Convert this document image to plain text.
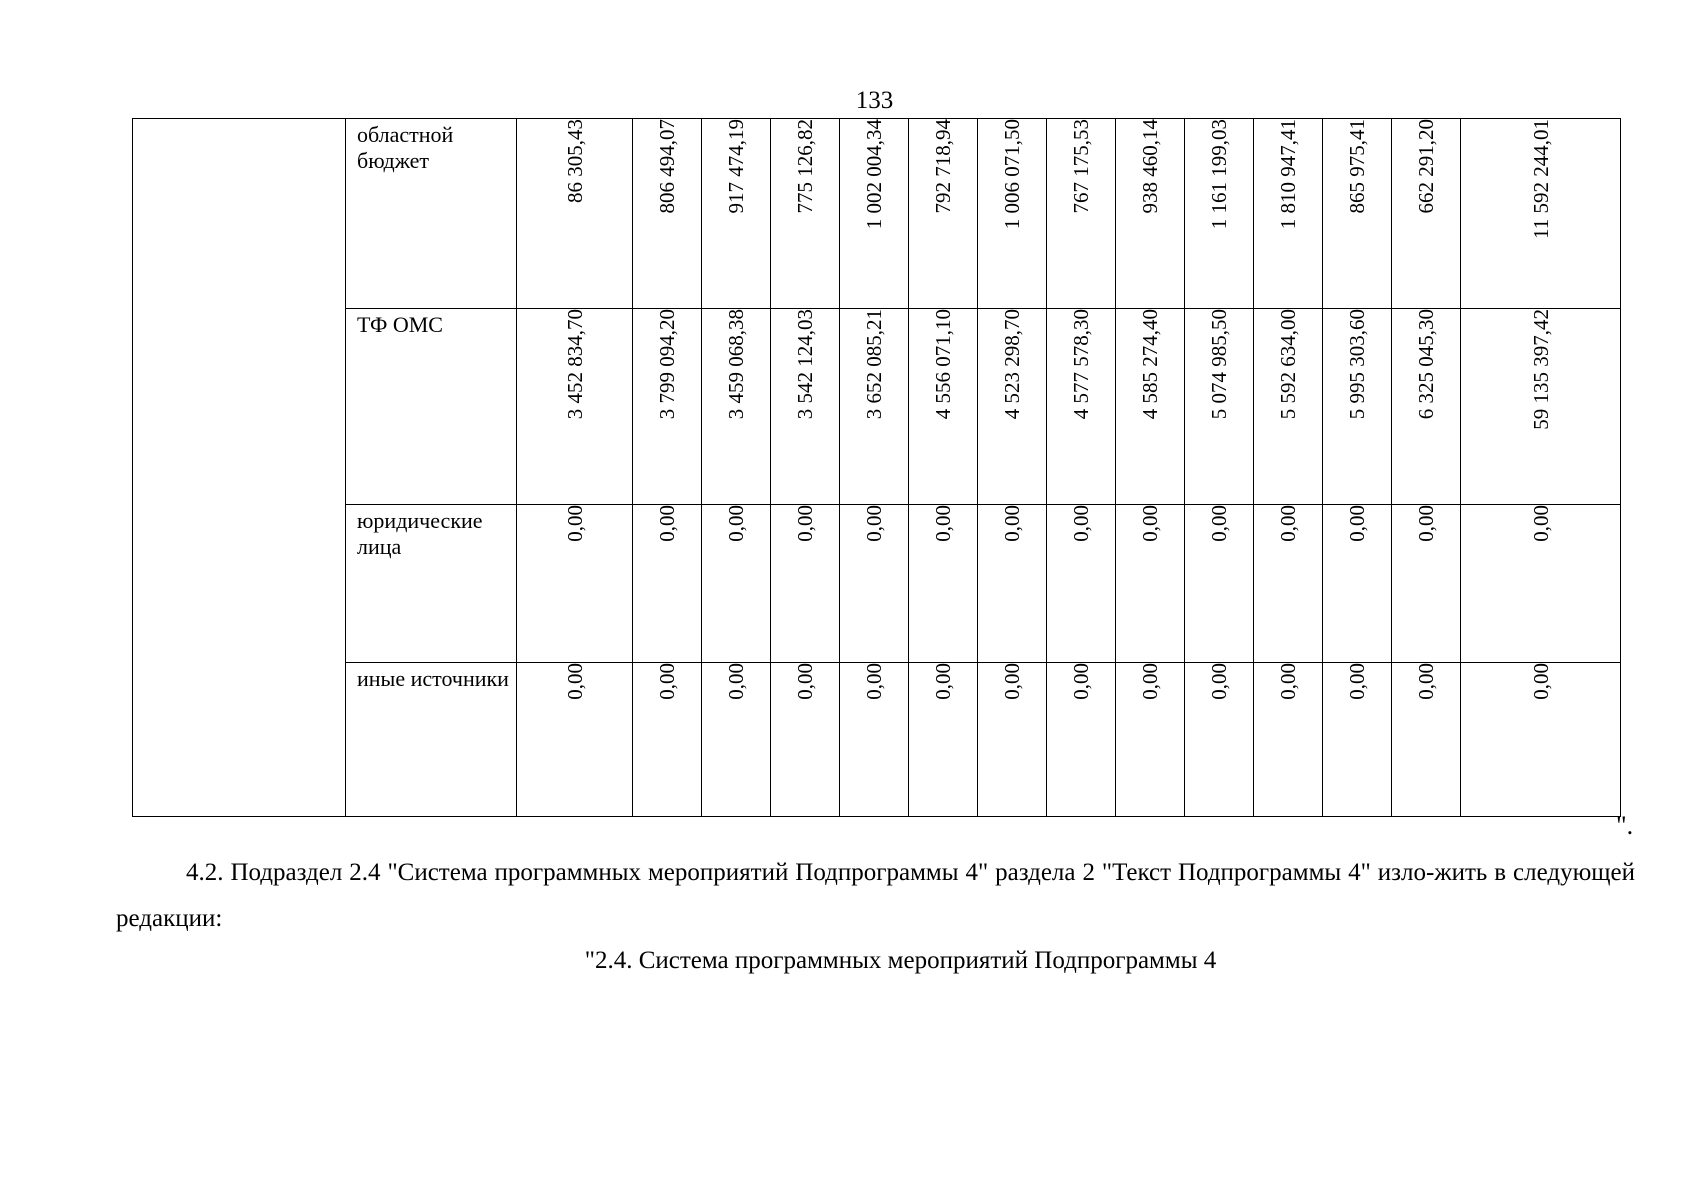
133

	областной бюджет	86 305,43	806 494,07	917 474,19	775 126,82	1 002 004,34	792 718,94	1 006 071,50	767 175,53	938 460,14	1 161 199,03	1 810 947,41	865 975,41	662 291,20	11 592 244,01

	ТФ ОМС	3 452 834,70	3 799 094,20	3 459 068,38	3 542 124,03	3 652 085,21	4 556 071,10	4 523 298,70	4 577 578,30	4 585 274,40	5 074 985,50	5 592 634,00	5 995 303,60	6 325 045,30	59 135 397,42

	юридические лица	0,00	0,00	0,00	0,00	0,00	0,00	0,00	0,00	0,00	0,00	0,00	0,00	0,00	0,00

	иные источники	0,00	0,00	0,00	0,00	0,00	0,00	0,00	0,00	0,00	0,00	0,00	0,00	0,00	0,00
".

4.2. Подраздел 2.4 "Система программных мероприятий Подпрограммы 4" раздела 2 "Текст Подпрограммы 4" изло-жить в следующей редакции:

"2.4. Система программных мероприятий Подпрограммы 4
